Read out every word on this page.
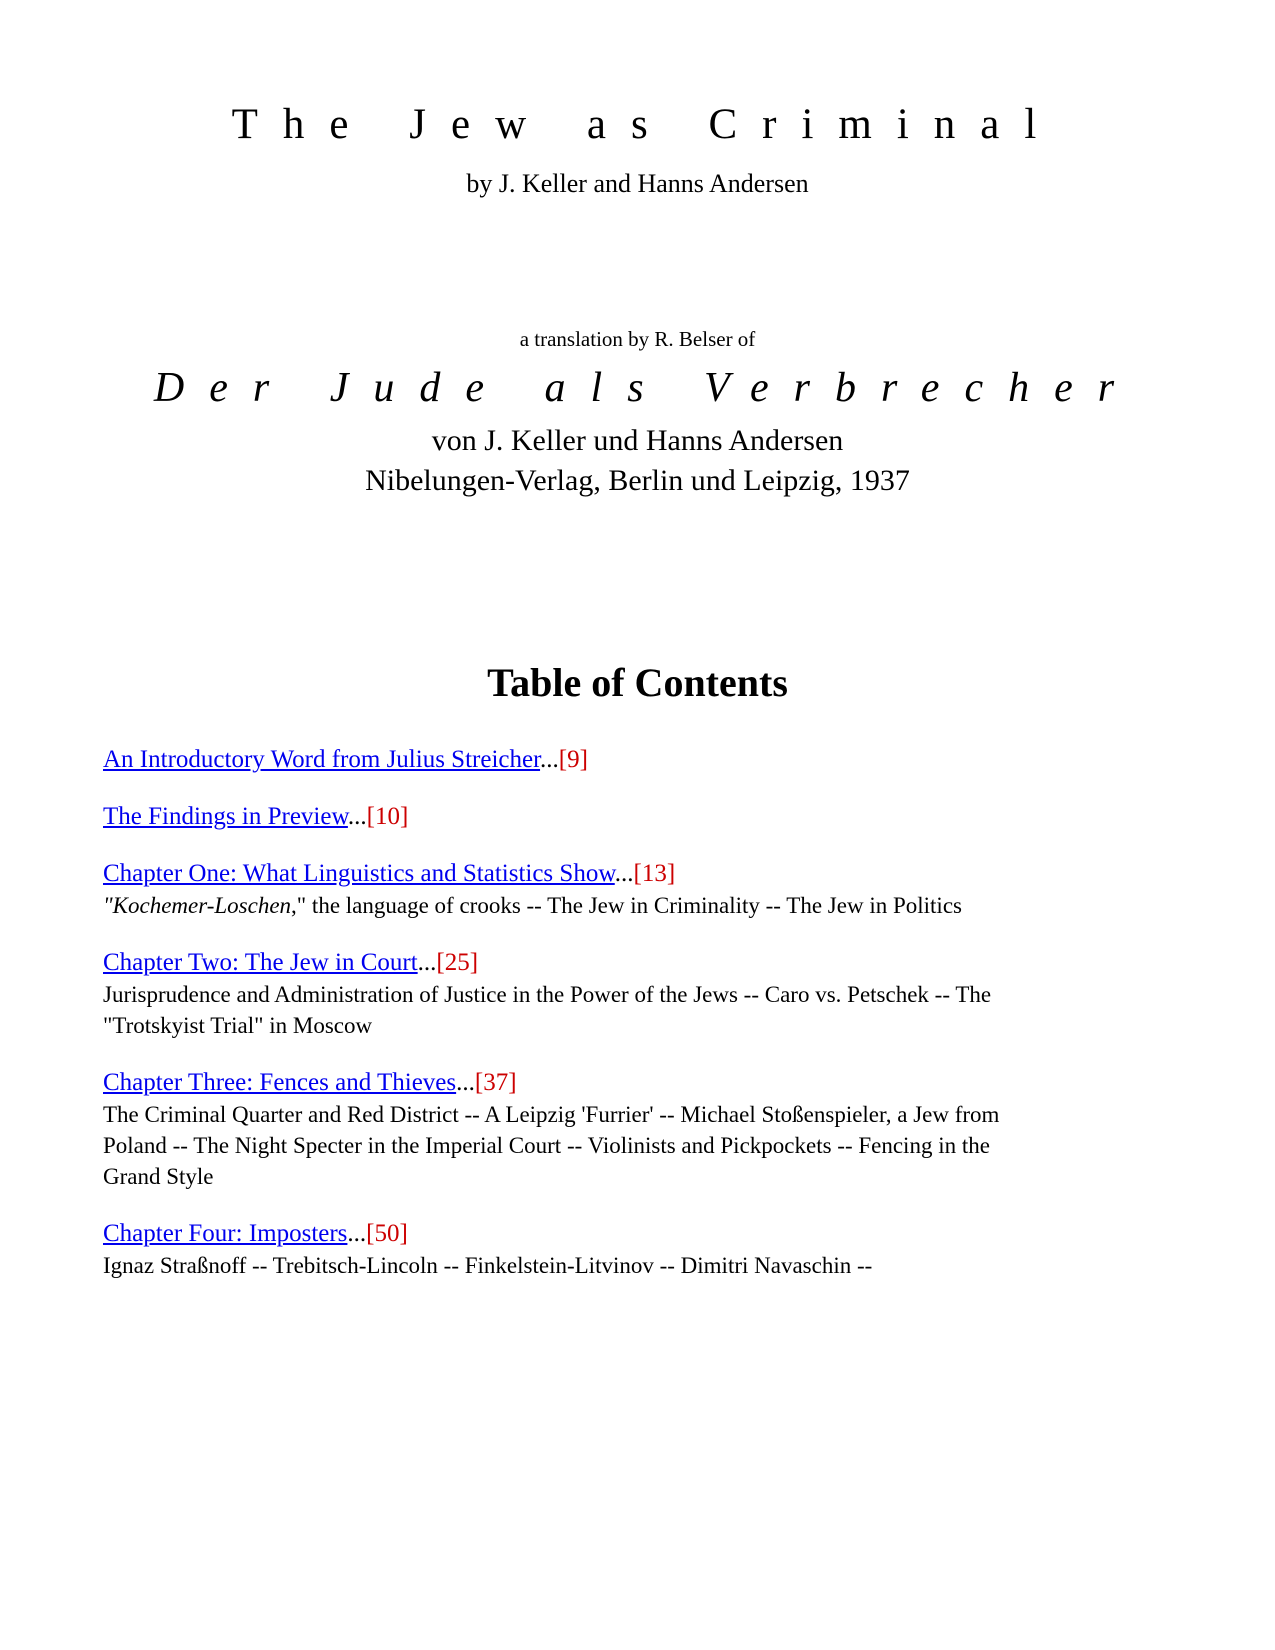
The Jew as Criminal

by J. Keller and Hanns Andersen

a translation by R. Belser of

Der Jude als Verbrecher

von J. Keller und Hanns Andersen

Nibelungen-Verlag, Berlin und Leipzig, 1937

Table of Contents
An Introductory Word from Julius Streicher...[9]
The Findings in Preview...[10]
Chapter One: What Linguistics and Statistics Show...[13]

"Kochemer-Loschen," the language of crooks -- The Jew in Criminality -- The Jew in Politics

Chapter Two: The Jew in Court...[25]

Jurisprudence and Administration of Justice in the Power of the Jews -- Caro vs. Petschek -- The "Trotskyist Trial" in Moscow

Chapter Three: Fences and Thieves...[37]

The Criminal Quarter and Red District -- A Leipzig 'Furrier' -- Michael Stoßenspieler, a Jew from Poland -- The Night Specter in the Imperial Court -- Violinists and Pickpockets -- Fencing in the Grand Style

Chapter Four: Imposters...[50]

Ignaz Straßnoff -- Trebitsch-Lincoln -- Finkelstein-Litvinov -- Dimitri Navaschin --
